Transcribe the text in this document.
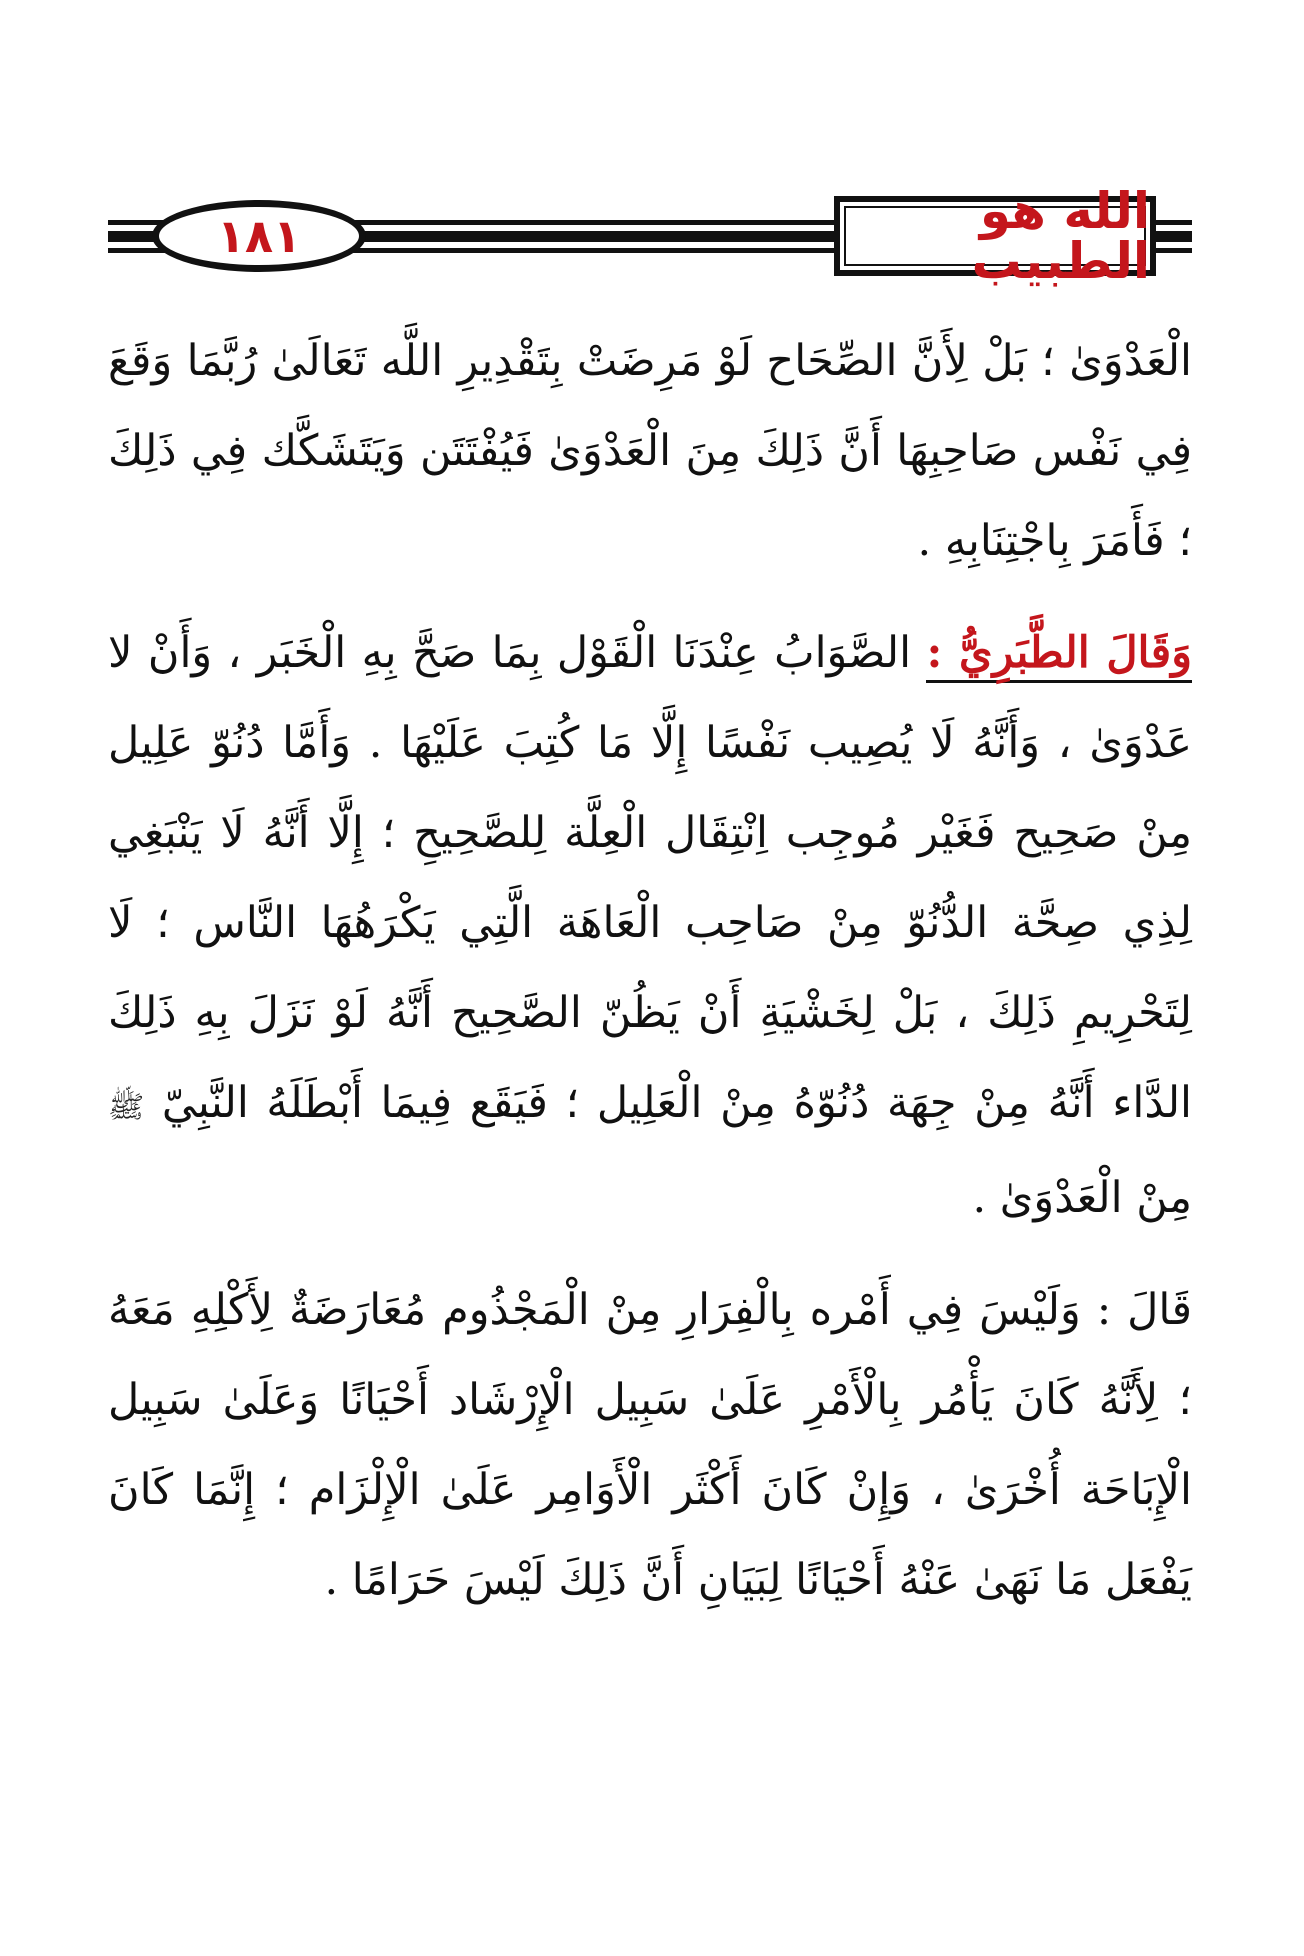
١٨١	الله هو الطبيب

الْعَدْوَىٰ ؛ بَلْ لِأَنَّ الصِّحَاح لَوْ مَرِضَتْ بِتَقْدِيرِ اللَّه تَعَالَىٰ رُبَّمَا وَقَعَ فِي نَفْس صَاحِبِهَا أَنَّ ذَلِكَ مِنَ الْعَدْوَىٰ فَيُفْتَتَن وَيَتَشَكَّك فِي ذَلِكَ ؛ فَأَمَرَ بِاجْتِنَابِهِ .

وَقَالَ الطَّبَرِيُّ : الصَّوَابُ عِنْدَنَا الْقَوْل بِمَا صَحَّ بِهِ الْخَبَر ، وَأَنْ لا عَدْوَىٰ ، وَأَنَّهُ لَا يُصِيب نَفْسًا إِلَّا مَا كُتِبَ عَلَيْهَا . وَأَمَّا دُنُوّ عَلِيل مِنْ صَحِيح فَغَيْر مُوجِب اِنْتِقَال الْعِلَّة لِلصَّحِيحِ ؛ إِلَّا أَنَّهُ لَا يَنْبَغِي لِذِي صِحَّة الدُّنُوّ مِنْ صَاحِب الْعَاهَة الَّتِي يَكْرَهُهَا النَّاس ؛ لَا لِتَحْرِيمِ ذَلِكَ ، بَلْ لِخَشْيَةِ أَنْ يَظُنّ الصَّحِيح أَنَّهُ لَوْ نَزَلَ بِهِ ذَلِكَ الدَّاء أَنَّهُ مِنْ جِهَة دُنُوّهُ مِنْ الْعَلِيل ؛ فَيَقَع فِيمَا أَبْطَلَهُ النَّبِيّ ﷺ مِنْ الْعَدْوَىٰ .

قَالَ : وَلَيْسَ فِي أَمْره بِالْفِرَارِ مِنْ الْمَجْذُوم مُعَارَضَةٌ لِأَكْلِهِ مَعَهُ ؛ لِأَنَّهُ كَانَ يَأْمُر بِالْأَمْرِ عَلَىٰ سَبِيل الْإِرْشَاد أَحْيَانًا وَعَلَىٰ سَبِيل الْإِبَاحَة أُخْرَىٰ ، وَإِنْ كَانَ أَكْثَر الْأَوَامِر عَلَىٰ الْإِلْزَام ؛ إِنَّمَا كَانَ يَفْعَل مَا نَهَىٰ عَنْهُ أَحْيَانًا لِبَيَانِ أَنَّ ذَلِكَ لَيْسَ حَرَامًا .
